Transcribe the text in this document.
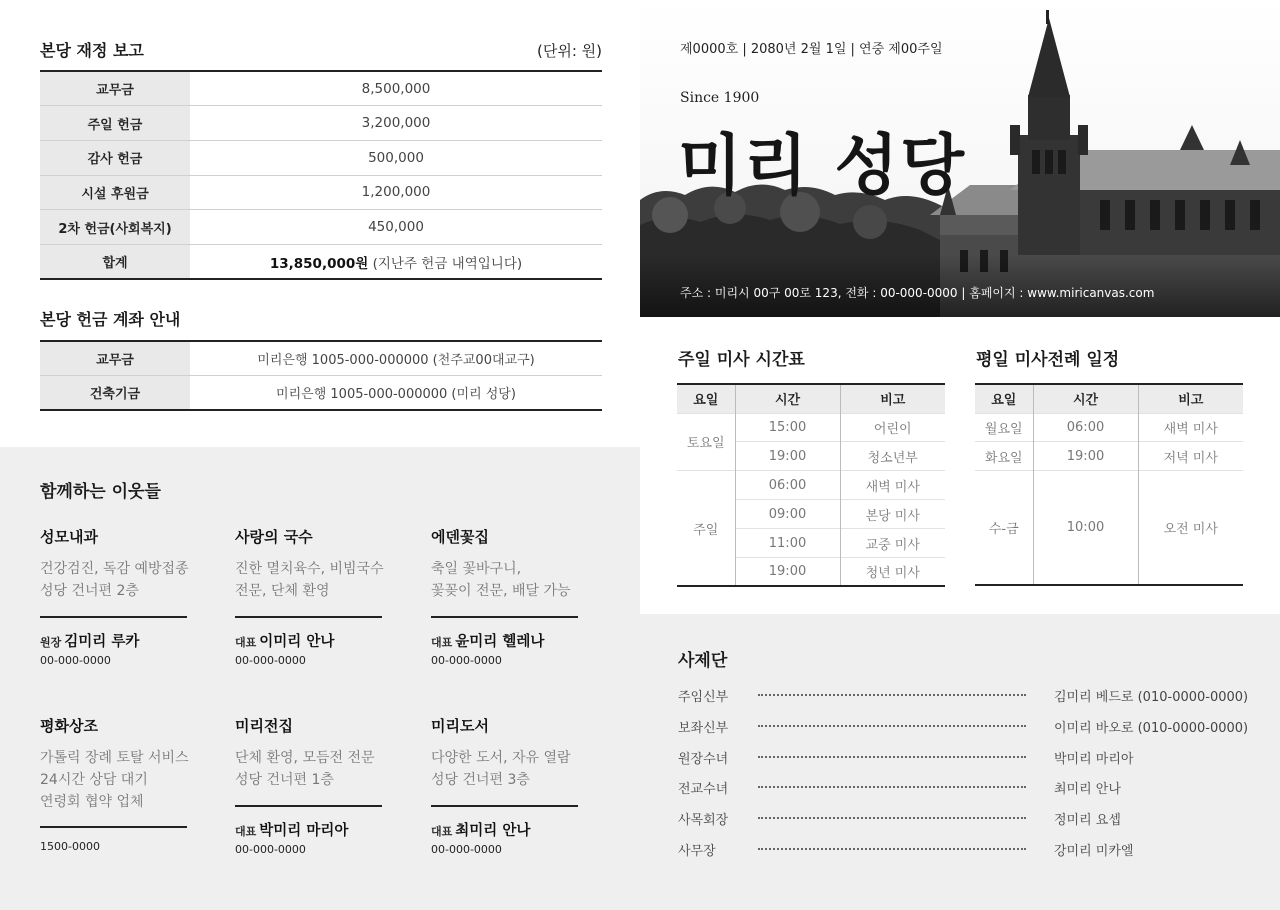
본당 재정 보고	(단위: 원)
교무금	8,500,000
주일 헌금	3,200,000
감사 헌금	500,000
시설 후원금	1,200,000
2차 헌금(사회복지)	450,000
합계	13,850,000원 (지난주 헌금 내역입니다)
본당 헌금 계좌 안내
교무금	미리은행 1005-000-000000 (천주교00대교구)
건축기금	미리은행 1005-000-000000 (미리 성당)
함께하는 이웃들
성모내과
건강검진, 독감 예방접종
성당 건너편 2층
원장 김미리 루카
00-000-0000
사랑의 국수
진한 멸치육수, 비빔국수
전문, 단체 환영
대표 이미리 안나
00-000-0000
에덴꽃집
축일 꽃바구니,
꽃꽂이 전문, 배달 가능
대표 윤미리 헬레나
00-000-0000
평화상조
가톨릭 장례 토탈 서비스
24시간 상담 대기
연령회 협약 업체
1500-0000
미리전집
단체 환영, 모듬전 전문
성당 건너편 1층
대표 박미리 마리아
00-000-0000
미리도서
다양한 도서, 자유 열람
성당 건너편 3층
대표 최미리 안나
00-000-0000
제0000호 | 2080년 2월 1일 | 연중 제00주일
Since 1900
미리 성당
주소 : 미리시 00구 00로 123, 전화 : 00-000-0000 | 홈페이지 : www.miricanvas.com
주일 미사 시간표
요일	시간	비고
토요일	15:00	어린이
	19:00	청소년부
주일	06:00	새벽 미사
	09:00	본당 미사
	11:00	교중 미사
	19:00	청년 미사
평일 미사전례 일정
요일	시간	비고
월요일	06:00	새벽 미사
화요일	19:00	저녁 미사
수-금	10:00	오전 미사
사제단
주임신부	김미리 베드로 (010-0000-0000)
보좌신부	이미리 바오로 (010-0000-0000)
원장수녀	박미리 마리아
전교수녀	최미리 안나
사목회장	정미리 요셉
사무장	강미리 미카엘
